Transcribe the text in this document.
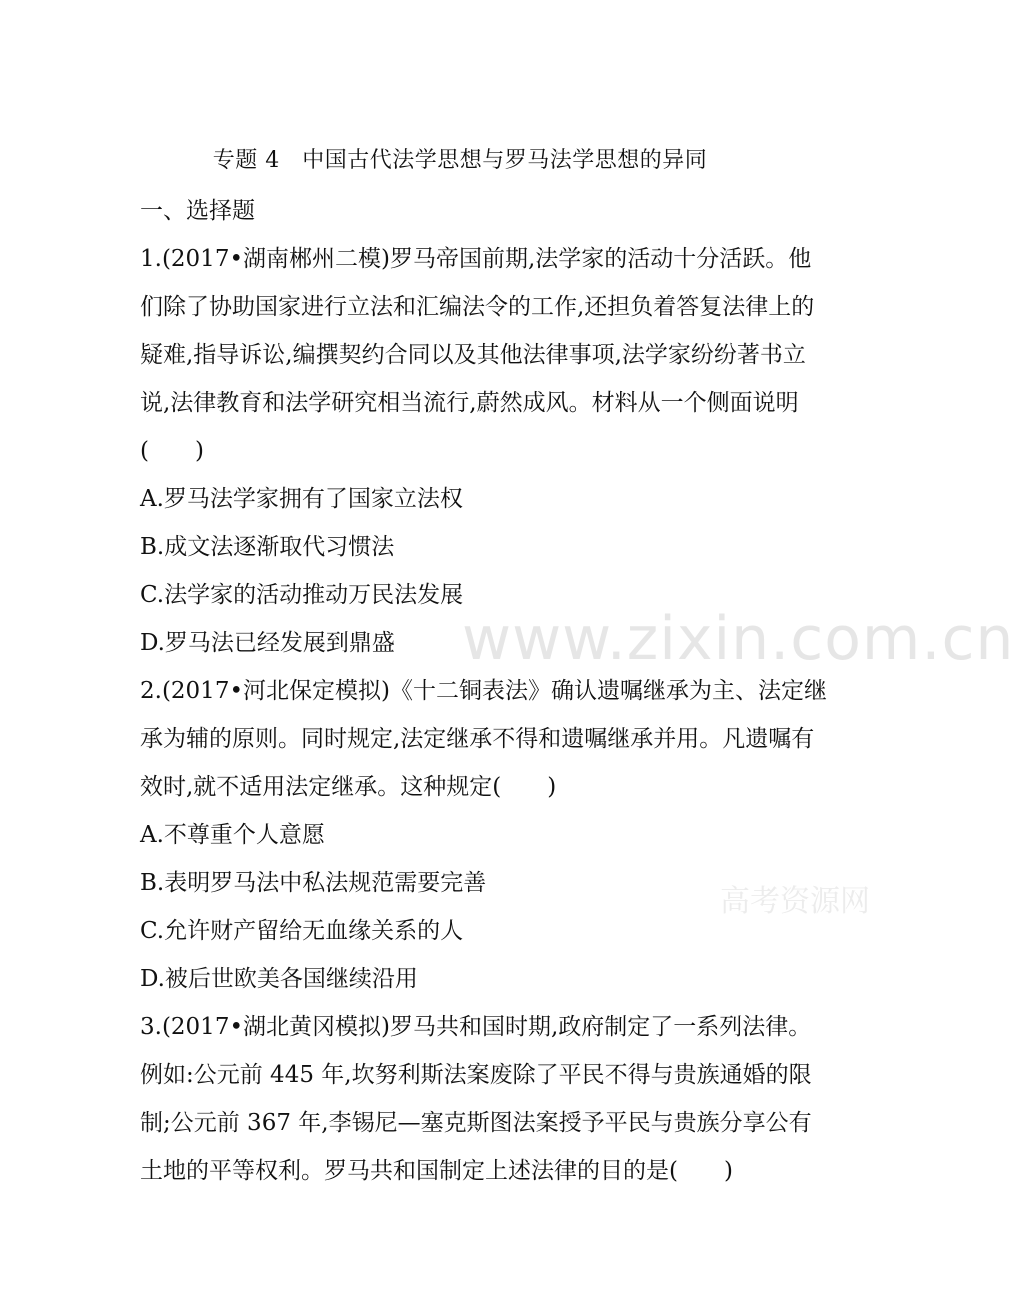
www.zixin.com.cn
高考资源网
专题 4　中国古代法学思想与罗马法学思想的异同
一、选择题
1.(2017•湖南郴州二模)罗马帝国前期,法学家的活动十分活跃。他
们除了协助国家进行立法和汇编法令的工作,还担负着答复法律上的
疑难,指导诉讼,编撰契约合同以及其他法律事项,法学家纷纷著书立
说,法律教育和法学研究相当流行,蔚然成风。材料从一个侧面说明
(　　)
A.罗马法学家拥有了国家立法权
B.成文法逐渐取代习惯法
C.法学家的活动推动万民法发展
D.罗马法已经发展到鼎盛
2.(2017•河北保定模拟)《十二铜表法》确认遗嘱继承为主、法定继
承为辅的原则。同时规定,法定继承不得和遗嘱继承并用。凡遗嘱有
效时,就不适用法定继承。这种规定(　　)
A.不尊重个人意愿
B.表明罗马法中私法规范需要完善
C.允许财产留给无血缘关系的人
D.被后世欧美各国继续沿用
3.(2017•湖北黄冈模拟)罗马共和国时期,政府制定了一系列法律。
例如:公元前 445 年,坎努利斯法案废除了平民不得与贵族通婚的限
制;公元前 367 年,李锡尼—塞克斯图法案授予平民与贵族分享公有
土地的平等权利。罗马共和国制定上述法律的目的是(　　)
